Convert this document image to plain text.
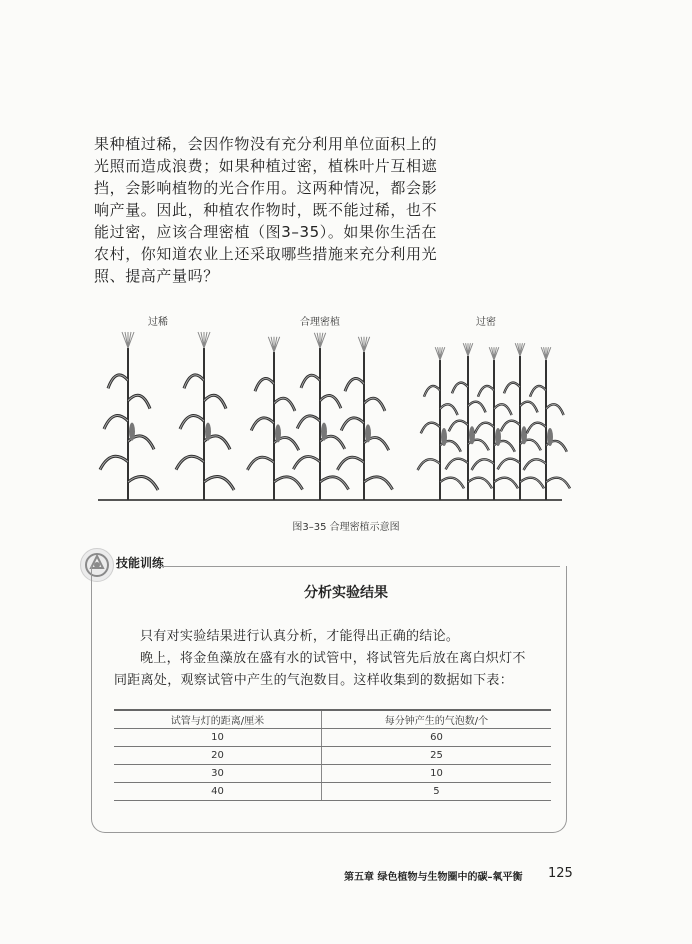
果种植过稀，会因作物没有充分利用单位面积上的
光照而造成浪费；如果种植过密，植株叶片互相遮
挡，会影响植物的光合作用。这两种情况，都会影
响产量。因此，种植农作物时，既不能过稀，也不
能过密，应该合理密植（图3–35）。如果你生活在
农村，你知道农业上还采取哪些措施来充分利用光
照、提高产量吗？
过稀	合理密植	过密
图3–35 合理密植示意图
技能训练
分析实验结果
只有对实验结果进行认真分析，才能得出正确的结论。
晚上，将金鱼藻放在盛有水的试管中，将试管先后放在离白炽灯不
同距离处，观察试管中产生的气泡数目。这样收集到的数据如下表：
试管与灯的距离/厘米	每分钟产生的气泡数/个
10	60
20	25
30	10
40	5
第五章 绿色植物与生物圈中的碳–氧平衡 125
